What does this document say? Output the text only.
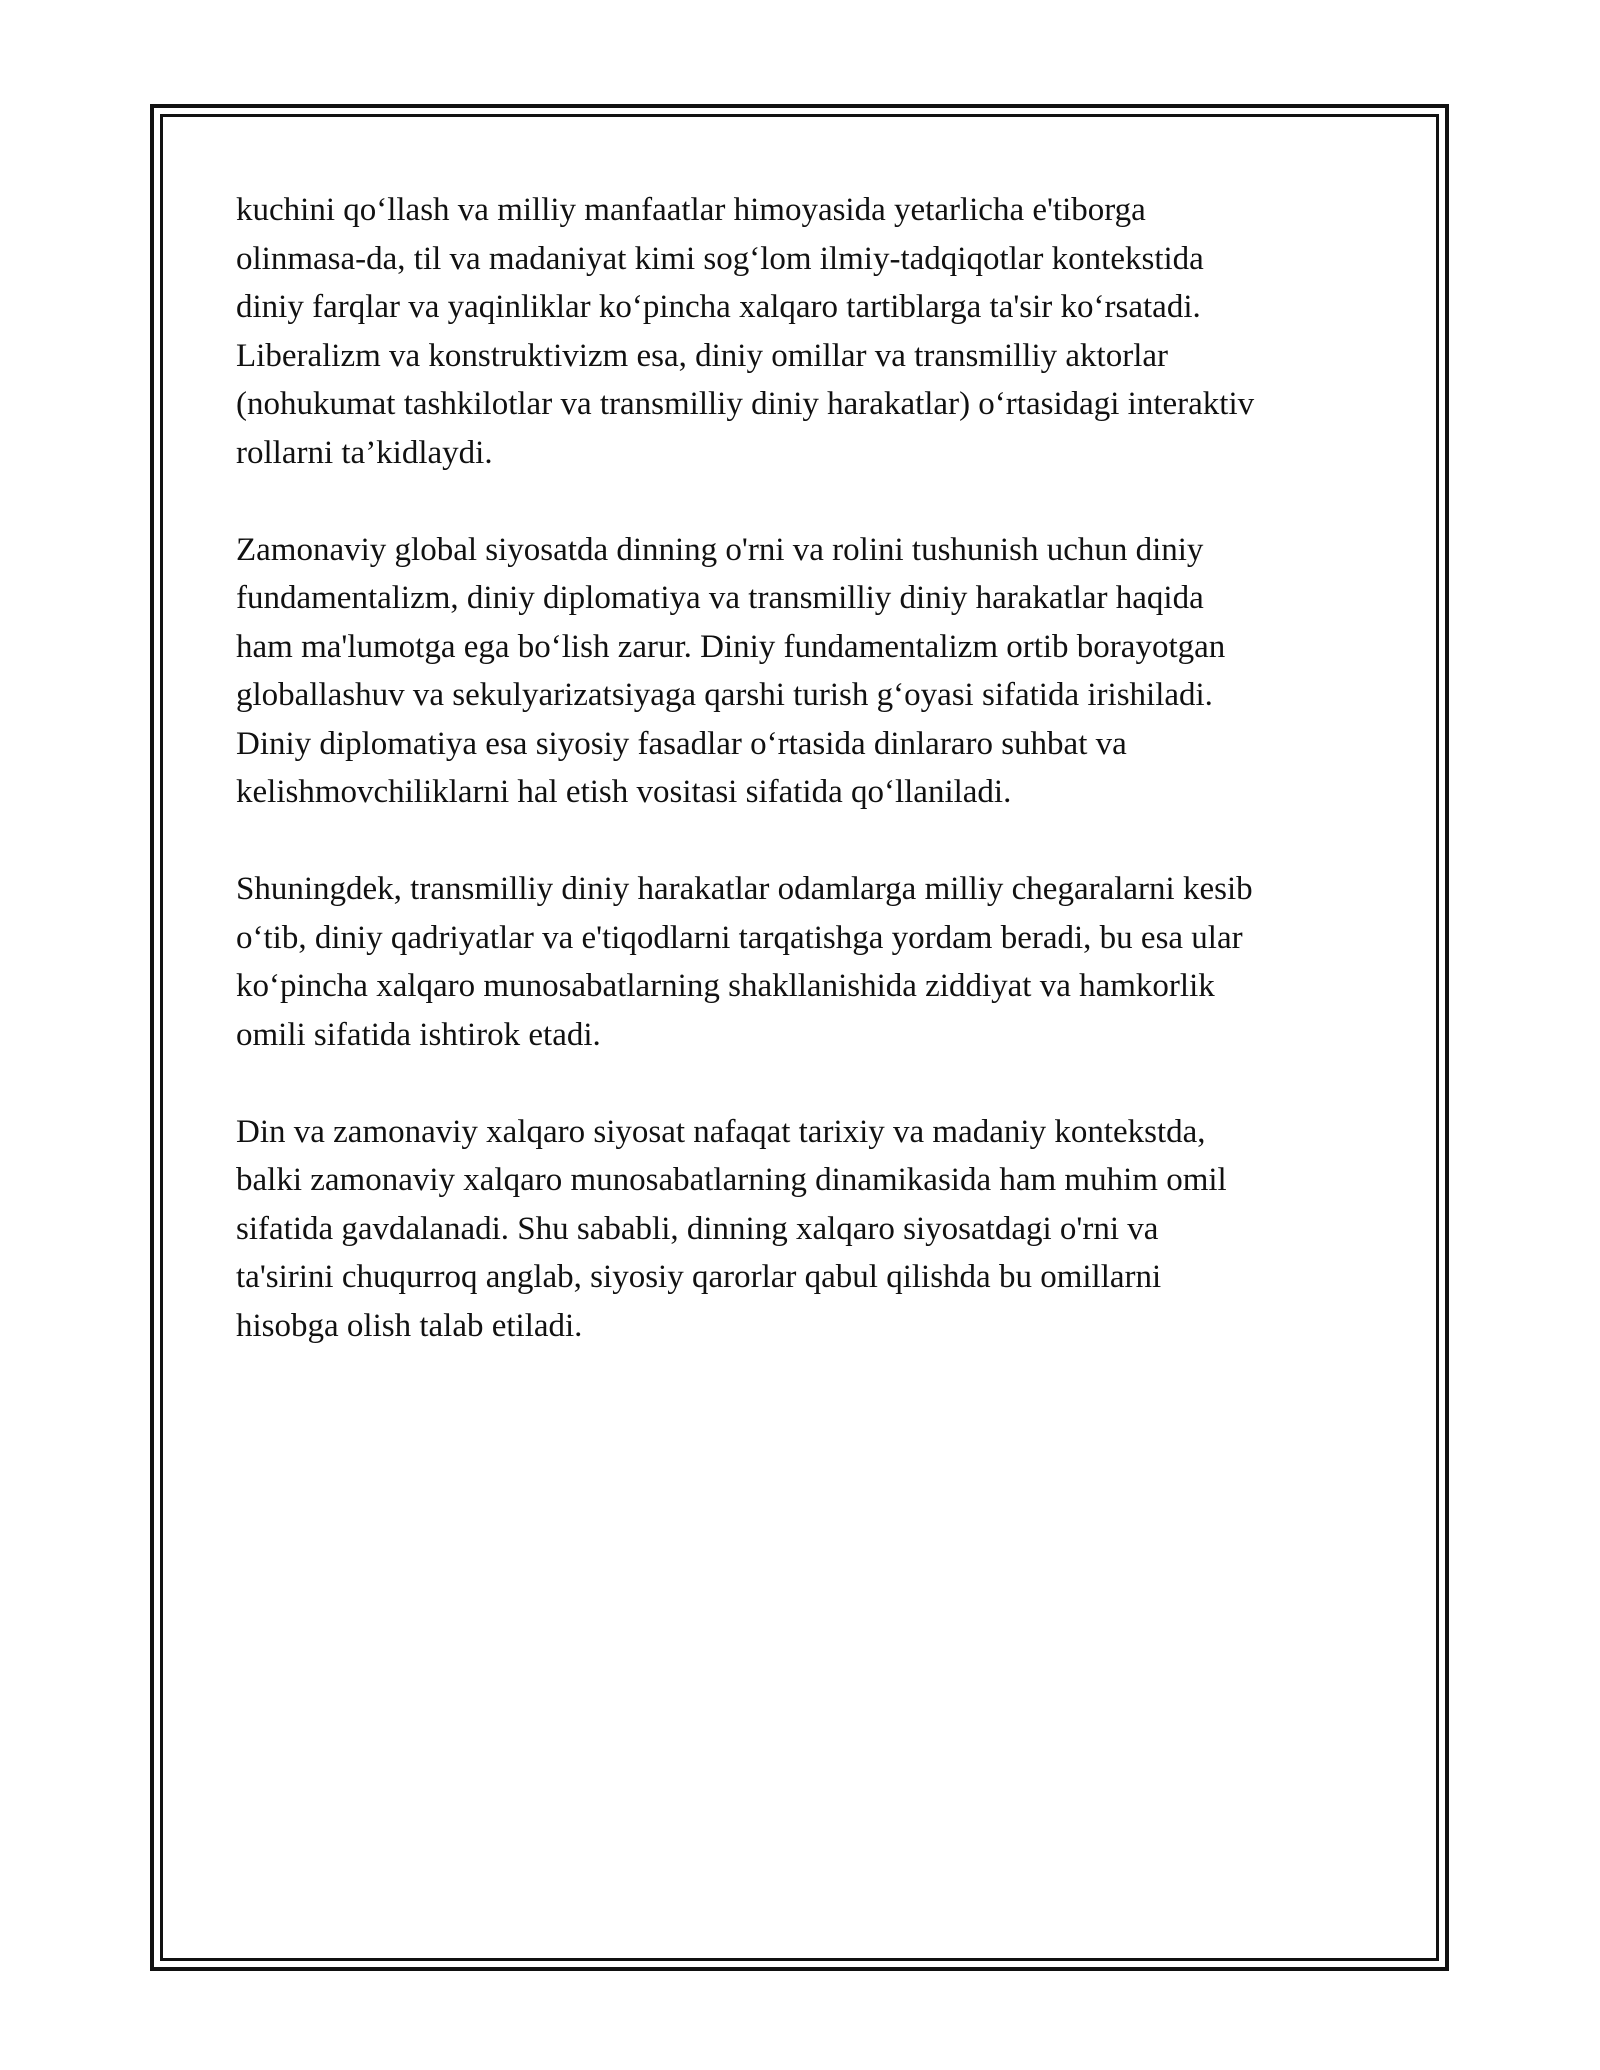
kuchini qo‘llash va milliy manfaatlar himoyasida yetarlicha e'tiborga
olinmasa-da, til va madaniyat kimi sog‘lom ilmiy-tadqiqotlar kontekstida
diniy farqlar va yaqinliklar ko‘pincha xalqaro tartiblarga ta'sir ko‘rsatadi.
Liberalizm va konstruktivizm esa, diniy omillar va transmilliy aktorlar
(nohukumat tashkilotlar va transmilliy diniy harakatlar) o‘rtasidagi interaktiv
rollarni ta’kidlaydi.

Zamonaviy global siyosatda dinning o'rni va rolini tushunish uchun diniy
fundamentalizm, diniy diplomatiya va transmilliy diniy harakatlar haqida
ham ma'lumotga ega bo‘lish zarur. Diniy fundamentalizm ortib borayotgan
globallashuv va sekulyarizatsiyaga qarshi turish g‘oyasi sifatida irishiladi.
Diniy diplomatiya esa siyosiy fasadlar o‘rtasida dinlararo suhbat va
kelishmovchiliklarni hal etish vositasi sifatida qo‘llaniladi.

Shuningdek, transmilliy diniy harakatlar odamlarga milliy chegaralarni kesib
o‘tib, diniy qadriyatlar va e'tiqodlarni tarqatishga yordam beradi, bu esa ular
ko‘pincha xalqaro munosabatlarning shakllanishida ziddiyat va hamkorlik
omili sifatida ishtirok etadi.

Din va zamonaviy xalqaro siyosat nafaqat tarixiy va madaniy kontekstda,
balki zamonaviy xalqaro munosabatlarning dinamikasida ham muhim omil
sifatida gavdalanadi. Shu sababli, dinning xalqaro siyosatdagi o'rni va
ta'sirini chuqurroq anglab, siyosiy qarorlar qabul qilishda bu omillarni
hisobga olish talab etiladi.
